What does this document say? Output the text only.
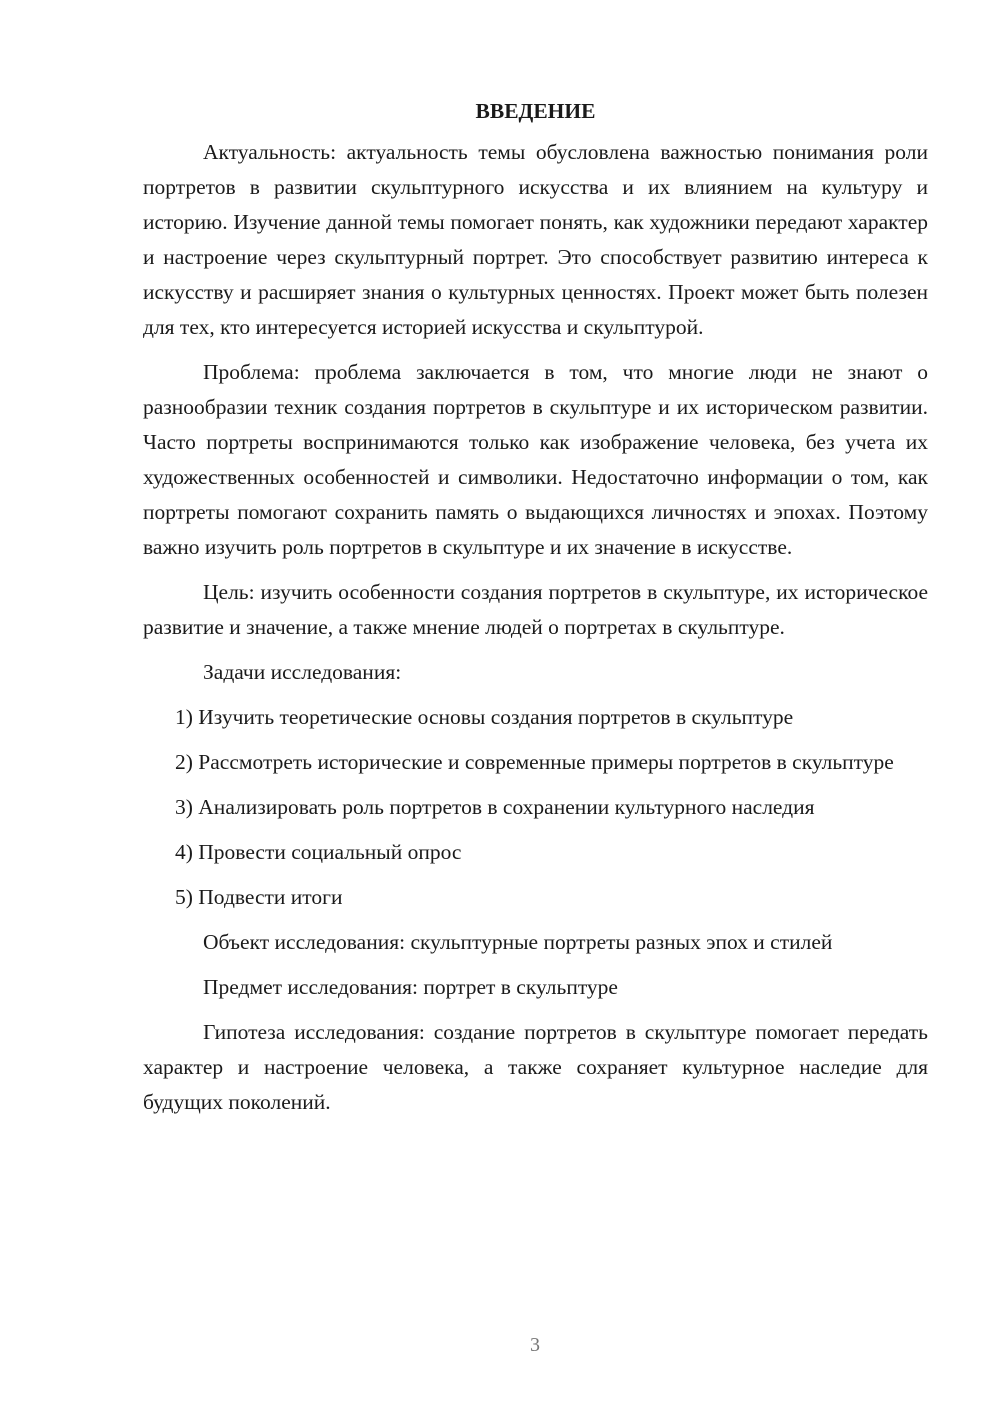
ВВЕДЕНИЕ

Актуальность: актуальность темы обусловлена важностью понимания роли портретов в развитии скульптурного искусства и их влиянием на культуру и историю. Изучение данной темы помогает понять, как художники передают характер и настроение через скульптурный портрет. Это способствует развитию интереса к искусству и расширяет знания о культурных ценностях. Проект может быть полезен для тех, кто интересуется историей искусства и скульптурой.

Проблема: проблема заключается в том, что многие люди не знают о разнообразии техник создания портретов в скульптуре и их историческом развитии. Часто портреты воспринимаются только как изображение человека, без учета их художественных особенностей и символики. Недостаточно информации о том, как портреты помогают сохранить память о выдающихся личностях и эпохах. Поэтому важно изучить роль портретов в скульптуре и их значение в искусстве.

Цель: изучить особенности создания портретов в скульптуре, их историческое развитие и значение, а также мнение людей о портретах в скульптуре.

Задачи исследования:

1) Изучить теоретические основы создания портретов в скульптуре

2) Рассмотреть исторические и современные примеры портретов в скульптуре

3) Анализировать роль портретов в сохранении культурного наследия

4) Провести социальный опрос

5) Подвести итоги

Объект исследования: скульптурные портреты разных эпох и стилей

Предмет исследования: портрет в скульптуре

Гипотеза исследования: создание портретов в скульптуре помогает передать характер и настроение человека, а также сохраняет культурное наследие для будущих поколений.

3
